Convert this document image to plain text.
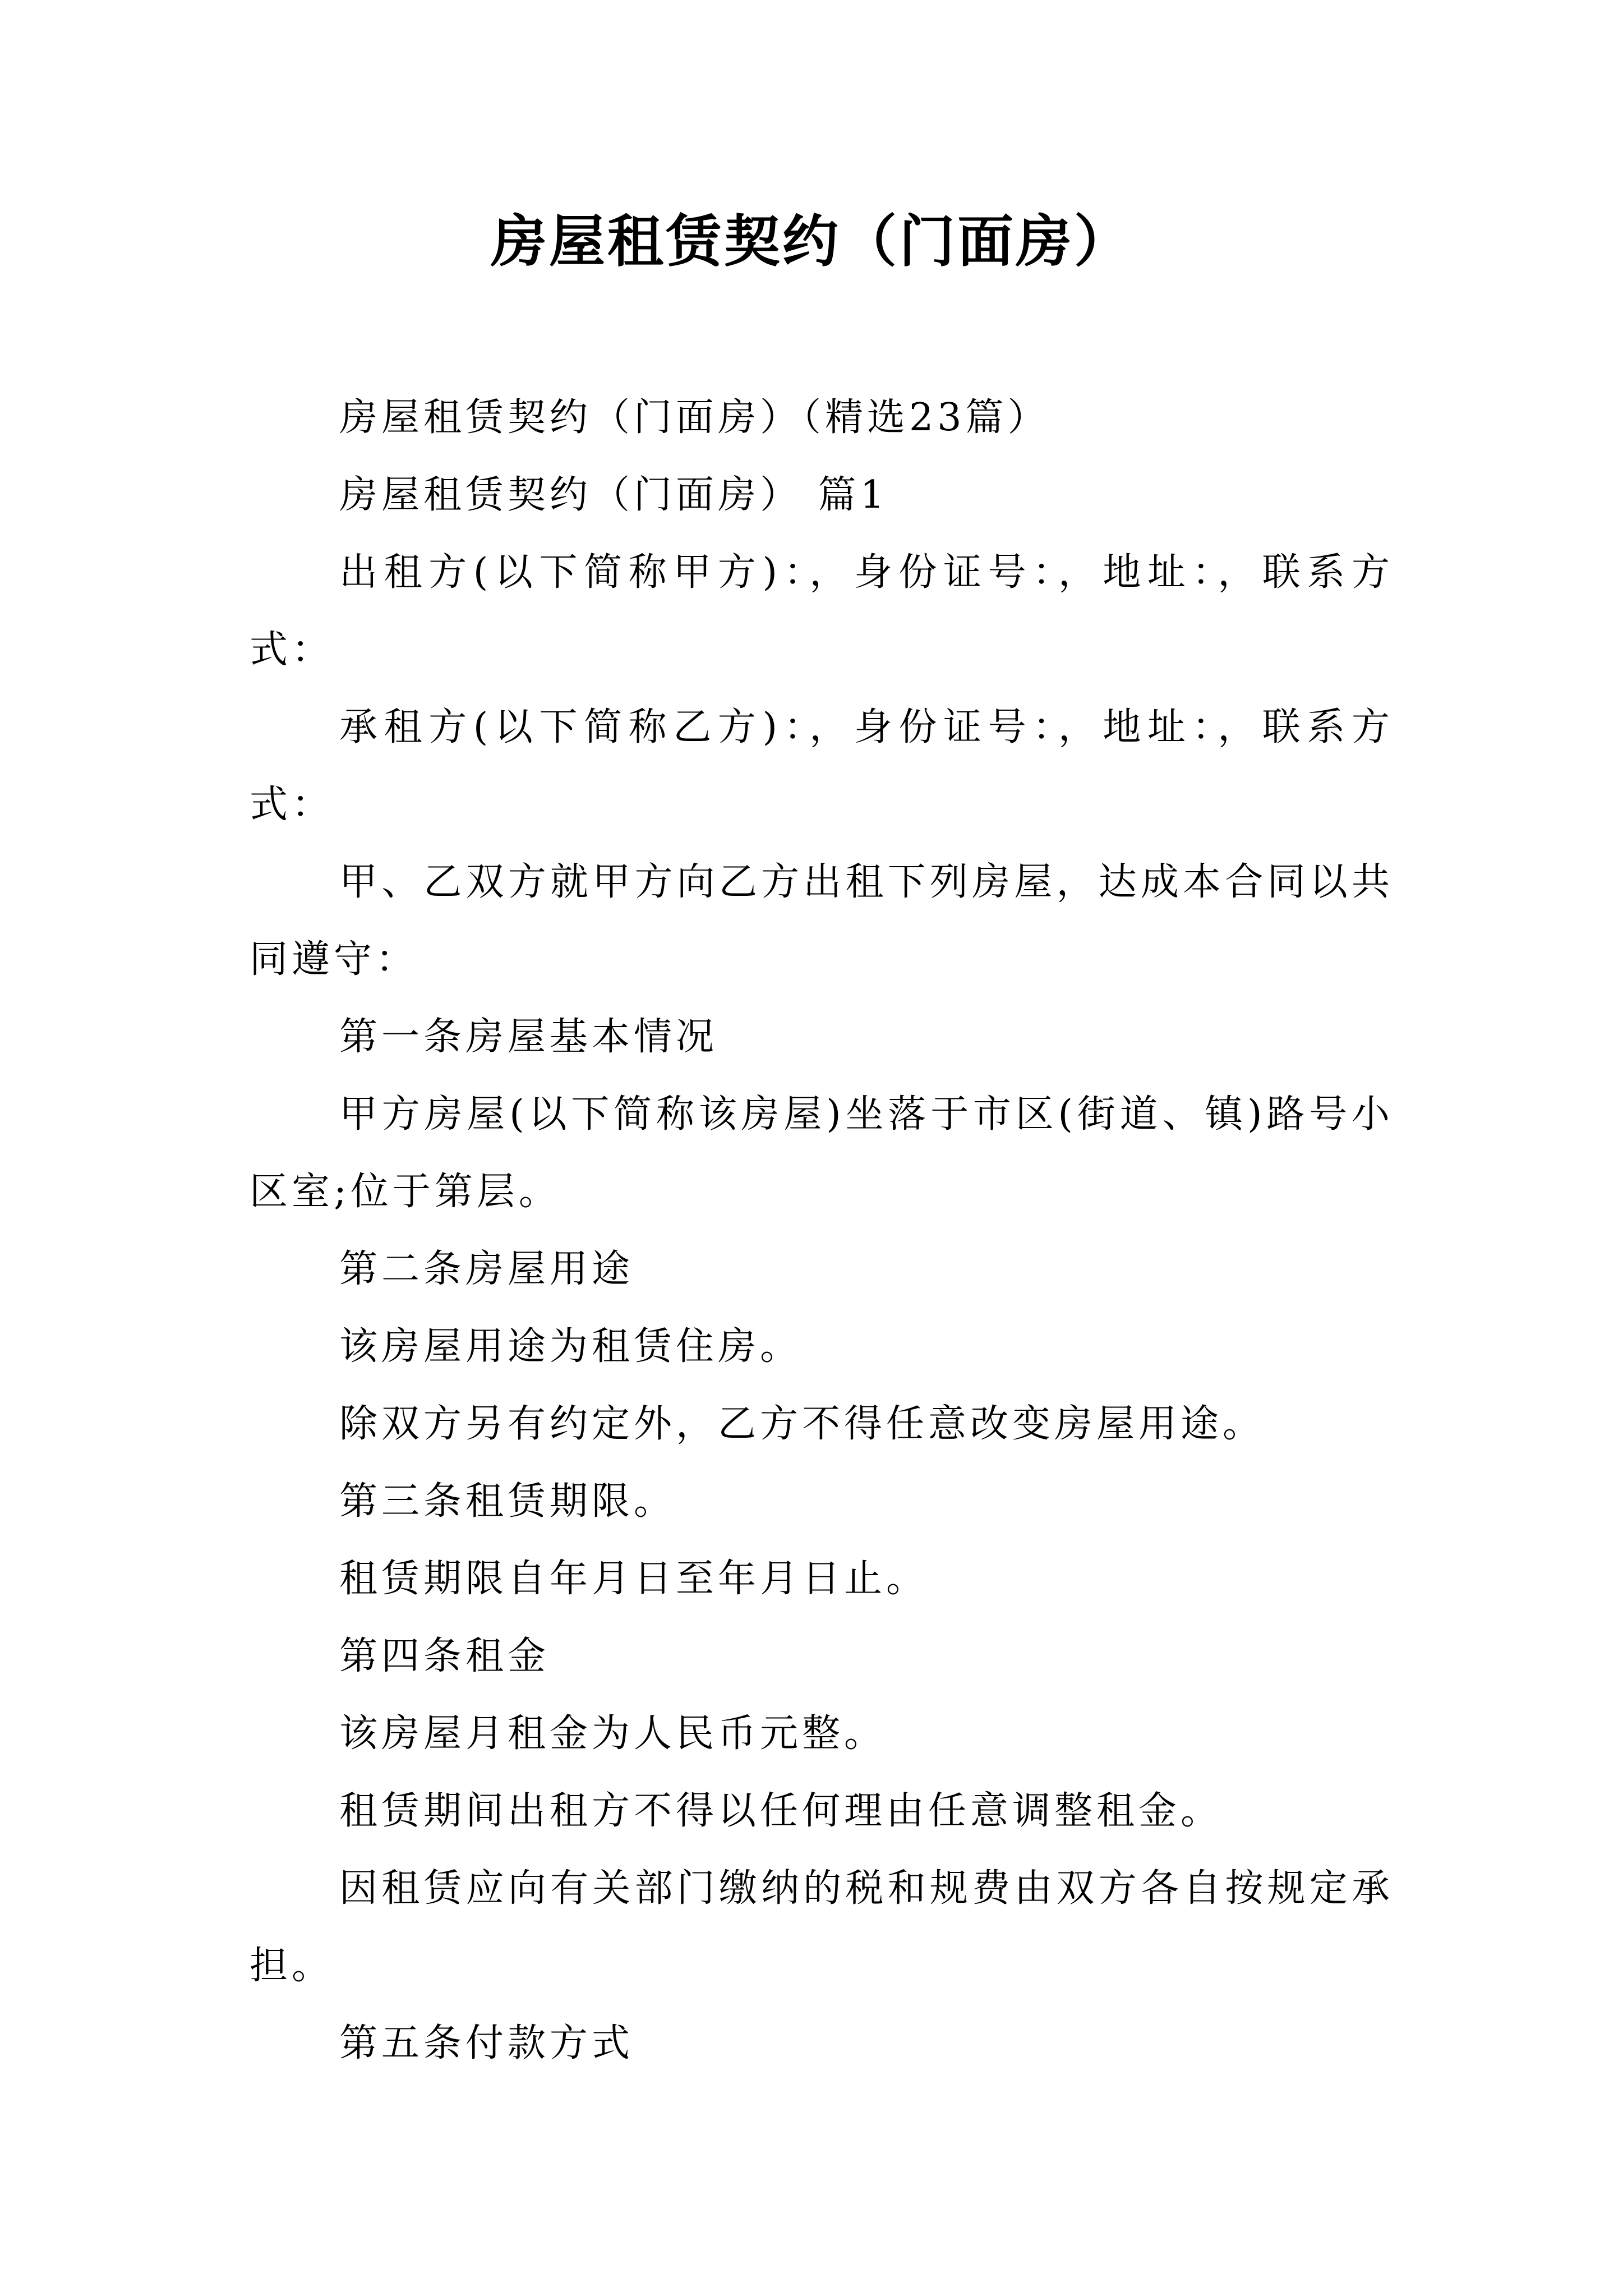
房屋租赁契约（门面房）

房屋租赁契约（门面房）（精选23篇）

房屋租赁契约（门面房） 篇1

出租方(以下简称甲方)：，身份证号：，地址：，联系方式：

承租方(以下简称乙方)：，身份证号：，地址：，联系方式：

甲、乙双方就甲方向乙方出租下列房屋，达成本合同以共同遵守：

第一条房屋基本情况

甲方房屋(以下简称该房屋)坐落于市区(街道、镇)路号小区室;位于第层。

第二条房屋用途

该房屋用途为租赁住房。

除双方另有约定外，乙方不得任意改变房屋用途。

第三条租赁期限。

租赁期限自年月日至年月日止。

第四条租金

该房屋月租金为人民币元整。

租赁期间出租方不得以任何理由任意调整租金。

因租赁应向有关部门缴纳的税和规费由双方各自按规定承担。

第五条付款方式
